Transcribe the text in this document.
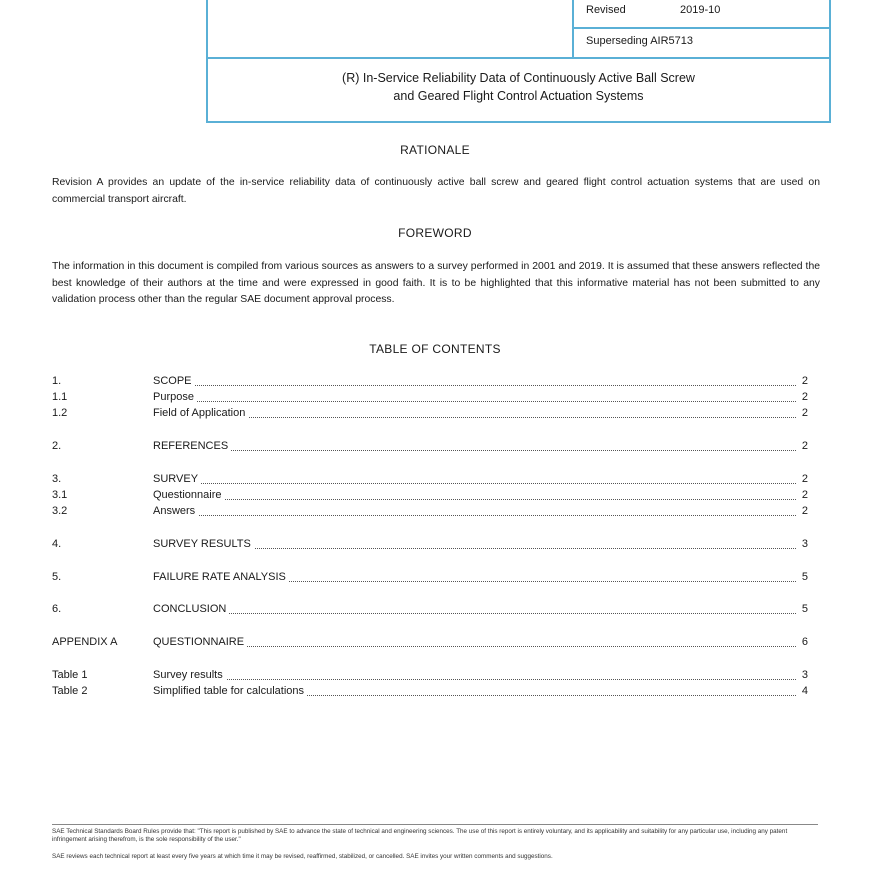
Revised	2019-10
Superseding AIR5713
(R) In-Service Reliability Data of Continuously Active Ball Screw
and Geared Flight Control Actuation Systems
RATIONALE
Revision A provides an update of the in-service reliability data of continuously active ball screw and geared flight control actuation systems that are used on commercial transport aircraft.
FOREWORD
The information in this document is compiled from various sources as answers to a survey performed in 2001 and 2019. It is assumed that these answers reflected the best knowledge of their authors at the time and were expressed in good faith. It is to be highlighted that this informative material has not been submitted to any validation process other than the regular SAE document approval process.
TABLE OF CONTENTS
1.	SCOPE	2
1.1	Purpose	2
1.2	Field of Application	2
2.	REFERENCES	2
3.	SURVEY	2
3.1	Questionnaire	2
3.2	Answers	2
4.	SURVEY RESULTS	3
5.	FAILURE RATE ANALYSIS	5
6.	CONCLUSION	5
APPENDIX A	QUESTIONNAIRE	6
Table 1	Survey results	3
Table 2	Simplified table for calculations	4
SAE Technical Standards Board Rules provide that: "This report is published by SAE to advance the state of technical and engineering sciences. The use of this report is entirely voluntary, and its applicability and suitability for any particular use, including any patent infringement arising therefrom, is the sole responsibility of the user."
SAE reviews each technical report at least every five years at which time it may be revised, reaffirmed, stabilized, or cancelled. SAE invites your written comments and suggestions.
